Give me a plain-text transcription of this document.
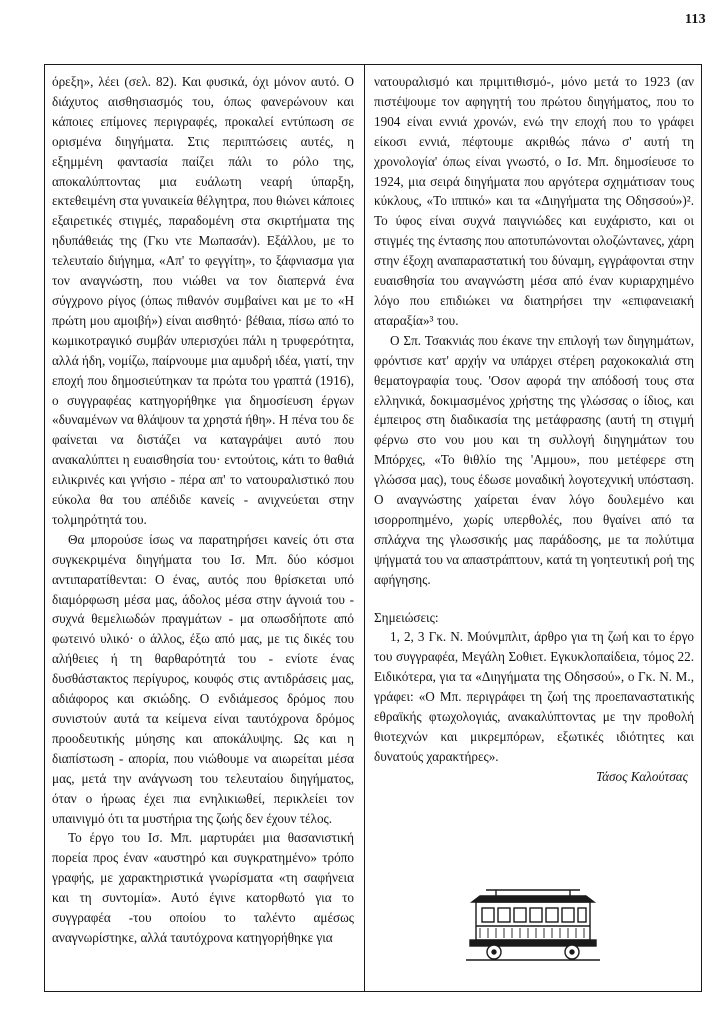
113

όρεξη», λέει (σελ. 82). Και φυσικά, όχι μόνον αυτό. Ο διάχυτος αισθησιασμός του, όπως φανερώνουν και κάποιες επίμονες περιγραφές, προκαλεί εντύπωση σε ορισμένα διηγήματα. Στις περιπτώσεις αυτές, η εξημμένη φαντασία παίζει πάλι το ρόλο της, αποκαλύπτοντας μια ευάλωτη νεαρή ύπαρξη, εκτεθειμένη στα γυναικεία θέλγητρα, που θιώνει κάποιες εξαιρετικές στιγμές, παραδομένη στα σκιρτήματα της ηδυπάθειάς της (Γκυ ντε Μωπασάν). Εξάλλου, με το τελευταίο διήγημα, «Απ' το φεγγίτη», το ξάφνιασμα για τον αναγνώστη, που νιώθει να τον διαπερνά ένα σύγχρονο ρίγος (όπως πιθανόν συμβαίνει και με το «Η πρώτη μου αμοιβή») είναι αισθητό· βέθαια, πίσω από το κωμικοτραγικό συμβάν υπερισχύει πάλι η τρυφερότητα, αλλά ήδη, νομίζω, παίρνουμε μια αμυδρή ιδέα, γιατί, την εποχή που δημοσιεύτηκαν τα πρώτα του γραπτά (1916), ο συγγραφέας κατηγορήθηκε για δημοσίευση έργων «δυναμένων να θλάψουν τα χρηστά ήθη». Η πένα του δε φαίνεται να διστάζει να καταγράψει αυτό που ανακαλύπτει η ευαισθησία του· εντούτοις, κάτι το θαθιά ειλικρινές και γνήσιο - πέρα απ' το νατουραλιστικό που εύκολα θα του απέδιδε κανείς - ανιχνεύεται στην τολμηρότητά του.

Θα μπορούσε ίσως να παρατηρήσει κανείς ότι στα συγκεκριμένα διηγήματα του Ισ. Μπ. δύο κόσμοι αντιπαρατίθενται: Ο ένας, αυτός που θρίσκεται υπό διαμόρφωση μέσα μας, άδολος μέσα στην άγνοιά του - συχνά θεμελιωδών πραγμάτων - μα οπωσδήποτε από φωτεινό υλικό· ο άλλος, έξω από μας, με τις δικές του αλήθειες ή τη θαρθαρότητά του - ενίοτε ένας δυσθάστακτος περίγυρος, κουφός στις αντιδράσεις μας, αδιάφορος και σκιώδης. Ο ενδιάμεσος δρόμος που συνιστούν αυτά τα κείμενα είναι ταυτόχρονα δρόμος προοδευτικής μύησης και αποκάλυψης. Ως και η διαπίστωση - απορία, που νιώθουμε να αιωρείται μέσα μας, μετά την ανάγνωση του τελευταίου διηγήματος, όταν ο ήρωας έχει πια ενηλικιωθεί, περικλείει τον υπαινιγμό ότι τα μυστήρια της ζωής δεν έχουν τέλος.

Το έργο του Ισ. Μπ. μαρτυράει μια θασανιστική πορεία προς έναν «αυστηρό και συγκρατημένο» τρόπο γραφής, με χαρακτηριστικά γνωρίσματα «τη σαφήνεια και τη συντομία». Αυτό έγινε κατορθωτό για το συγγραφέα -του οποίου το ταλέντο αμέσως αναγνωρίστηκε, αλλά ταυτόχρονα κατηγορήθηκε για

νατουραλισμό και πριμιτιθισμό-, μόνο μετά το 1923 (αν πιστέψουμε τον αφηγητή του πρώτου διηγήματος, που το 1904 είναι εννιά χρονών, ενώ την εποχή που το γράφει είκοσι εννιά, πέφτουμε ακριθώς πάνω σ' αυτή τη χρονολογία' όπως είναι γνωστό, ο Ισ. Μπ. δημοσίευσε το 1924, μια σειρά διηγήματα που αργότερα σχημάτισαν τους κύκλους, «Το ιππικό» και τα «Διηγήματα της Οδησσού»)². Το ύφος είναι συχνά παιγνιώδες και ευχάριστο, και οι στιγμές της έντασης που αποτυπώνονται ολοζώντανες, χάρη στην έξοχη αναπαραστατική του δύναμη, εγγράφονται στην ευαισθησία του αναγνώστη μέσα από έναν κυριαρχημένο λόγο που επιδιώκει να διατηρήσει την «επιφανειακή αταραξία»³ του.

Ο Σπ. Τσακνιάς που έκανε την επιλογή των διηγημάτων, φρόντισε κατ' αρχήν να υπάρχει στέρεη ραχοκοκαλιά στη θεματογραφία τους. 'Οσον αφορά την απόδοσή τους στα ελληνικά, δοκιμασμένος χρήστης της γλώσσας ο ίδιος, και έμπειρος στη διαδικασία της μετάφρασης (αυτή τη στιγμή φέρνω στο νου μου και τη συλλογή διηγημάτων του Μπόρχες, «Το θιθλίο της 'Αμμου», που μετέφερε στη γλώσσα μας), τους έδωσε μοναδική λογοτεχνική υπόσταση. Ο αναγνώστης χαίρεται έναν λόγο δουλεμένο και ισορροπημένο, χωρίς υπερθολές, που θγαίνει από τα σπλάχνα της γλωσσικής μας παράδοσης, με τα πολύτιμα ψήγματά του να απαστράπτουν, κατά τη γοητευτική ροή της αφήγησης.

Σημειώσεις:

1, 2, 3 Γκ. Ν. Μούνμπλιτ, άρθρο για τη ζωή και το έργο του συγγραφέα, Μεγάλη Σοθιετ. Εγκυκλοπαίδεια, τόμος 22. Ειδικότερα, για τα «Διηγήματα της Οδησσού», ο Γκ. Ν. Μ., γράφει: «Ο Μπ. περιγράφει τη ζωή της προεπαναστατικής εθραϊκής φτωχολογιάς, ανακαλύπτοντας με την προθολή θιοτεχνών και μικρεμπόρων, εξωτικές ιδιότητες και δυνατούς χαρακτήρες».

Τάσος Καλούτσας
